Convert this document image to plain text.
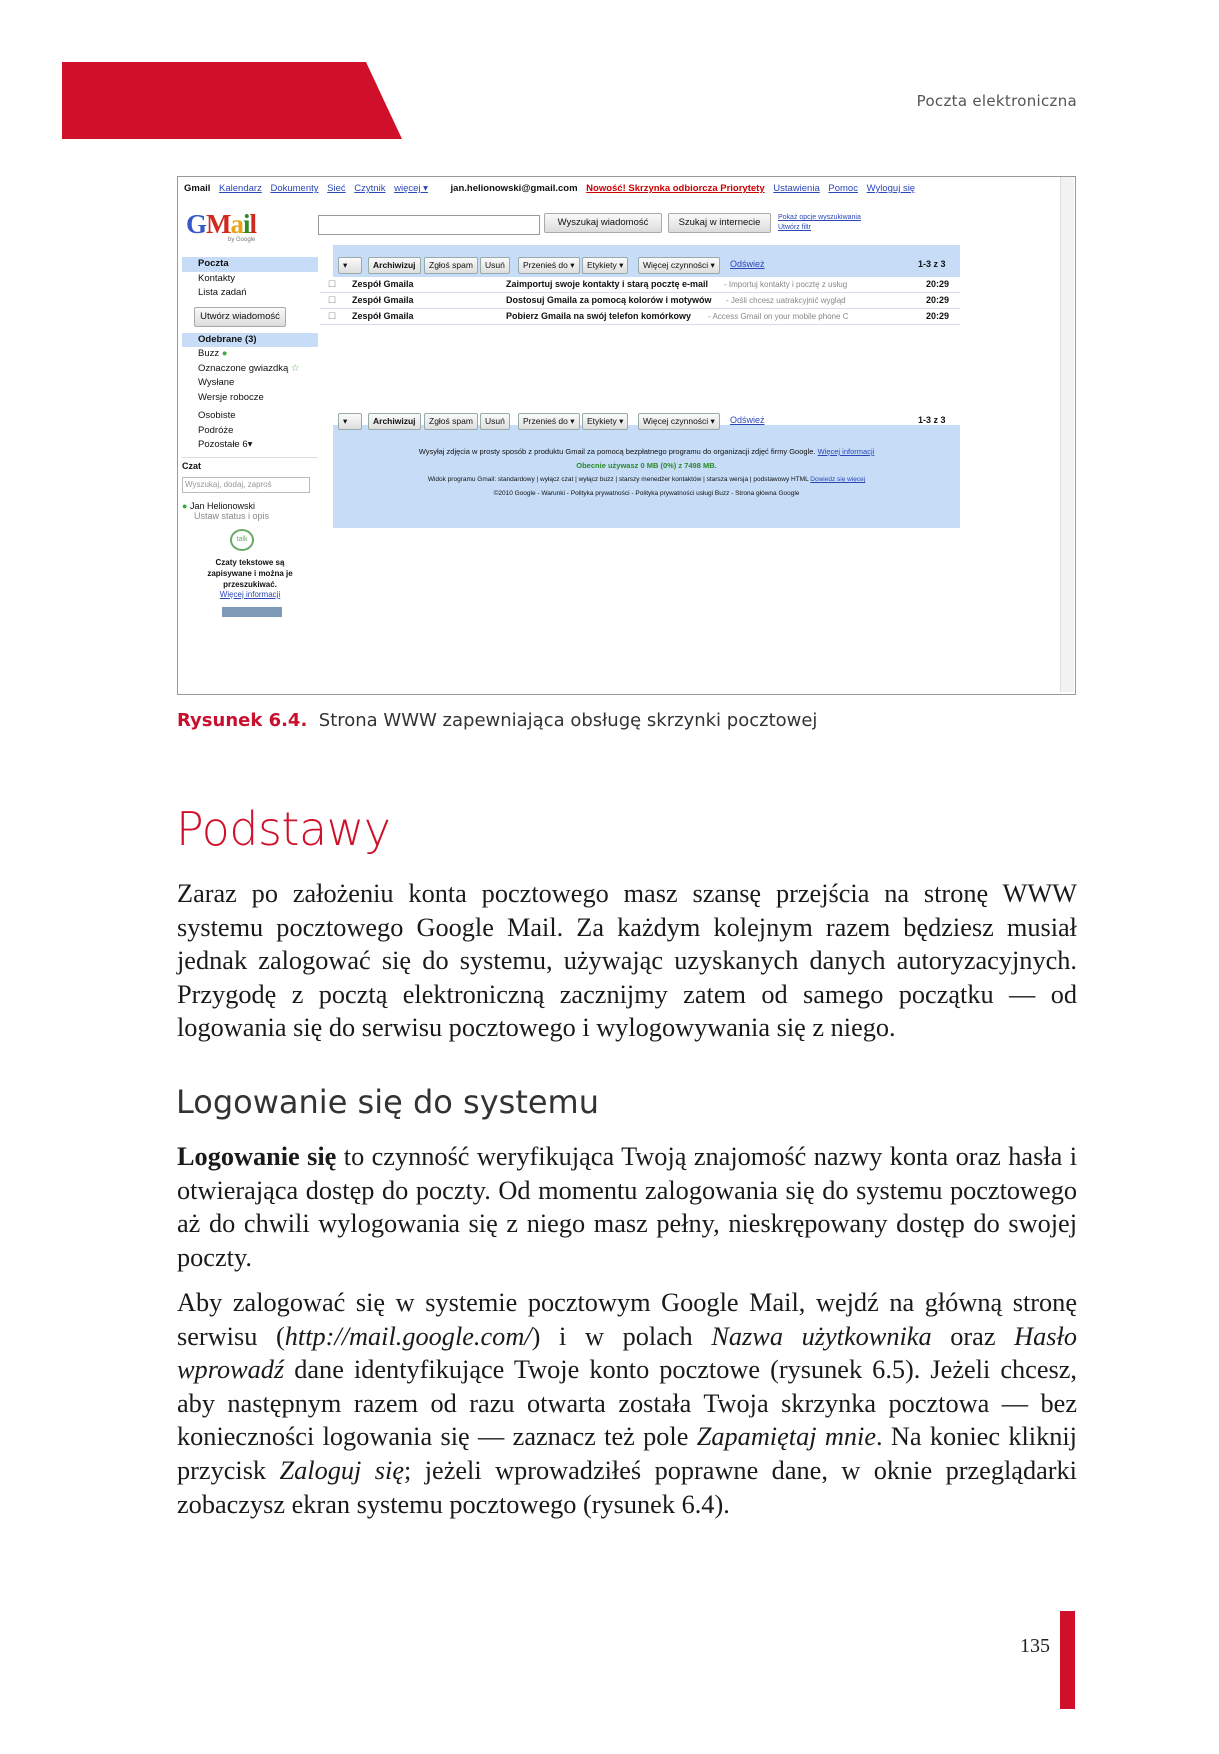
Poczta elektroniczna
Gmail Kalendarz Dokumenty Sieć Czytnik więcej ▾ jan.helionowski@gmail.com Nowość! Skrzynka odbiorcza Priorytety Ustawienia Pomoc Wyloguj się
GMail
by Google
Wyszukaj wiadomość	Szukaj w internecie	Pokaż opcje wyszukiwania
Utwórz filtr
Poczta
Kontakty
Lista zadań
Utwórz wiadomość
Odebrane (3)
Buzz ●
Oznaczone gwiazdką ☆
Wysłane
Wersje robocze
Osobiste
Podróże
Pozostałe 6▾
▾	Archiwizuj	Zgłoś spam	Usuń	Przenieś do ▾	Etykiety ▾	Więcej czynności ▾	Odśwież	1-3 z 3
☐ Zespół Gmaila	Zaimportuj swoje kontakty i starą pocztę e-mail - Importuj kontakty i pocztę z usług	20:29
☐ Zespół Gmaila	Dostosuj Gmaila za pomocą kolorów i motywów - Jeśli chcesz uatrakcyjnić wygląd	20:29
☐ Zespół Gmaila	Pobierz Gmaila na swój telefon komórkowy - Access Gmail on your mobile phone C	20:29
▾	Archiwizuj	Zgłoś spam	Usuń	Przenieś do ▾	Etykiety ▾	Więcej czynności ▾	Odśwież	1-3 z 3
Wysyłaj zdjęcia w prosty sposób z produktu Gmail za pomocą bezpłatnego programu do organizacji zdjęć firmy Google. Więcej informacji
Obecnie używasz 0 MB (0%) z 7498 MB.
Widok programu Gmail: standardowy | wyłącz czat | wyłącz buzz | starszy menedżer kontaktów | starsza wersja | podstawowy HTML Dowiedz się więcej
©2010 Google - Warunki - Polityka prywatności - Polityka prywatności usługi Buzz - Strona główna Google
Czat
Wyszukaj, dodaj, zaproś
● Jan Helionowski
Ustaw status i opis
talk
Czaty tekstowe są zapisywane i można je przeszukiwać.
Więcej informacji
Rysunek 6.4. Strona WWW zapewniająca obsługę skrzynki pocztowej
Podstawy
Zaraz po założeniu konta pocztowego masz szansę przejścia na stronę WWW systemu pocztowego Google Mail. Za każdym kolejnym razem będziesz musiał jednak zalogować się do systemu, używając uzyskanych danych autoryzacyjnych. Przygodę z pocztą elektroniczną zacznijmy zatem od samego początku — od logowania się do serwisu pocztowego i wylogowywania się z niego.
Logowanie się do systemu
Logowanie się to czynność weryfikująca Twoją znajomość nazwy konta oraz hasła i otwierająca dostęp do poczty. Od momentu zalogowania się do systemu pocztowego aż do chwili wylogowania się z niego masz pełny, nieskrępowany dostęp do swojej poczty.
Aby zalogować się w systemie pocztowym Google Mail, wejdź na główną stronę serwisu (http://mail.google.com/) i w polach Nazwa użytkownika oraz Hasło wprowadź dane identyfikujące Twoje konto pocztowe (rysunek 6.5). Jeżeli chcesz, aby następnym razem od razu otwarta została Twoja skrzynka pocztowa — bez konieczności logowania się — zaznacz też pole Zapamiętaj mnie. Na koniec kliknij przycisk Zaloguj się; jeżeli wprowadziłeś poprawne dane, w oknie przeglądarki zobaczysz ekran systemu pocztowego (rysunek 6.4).
135
